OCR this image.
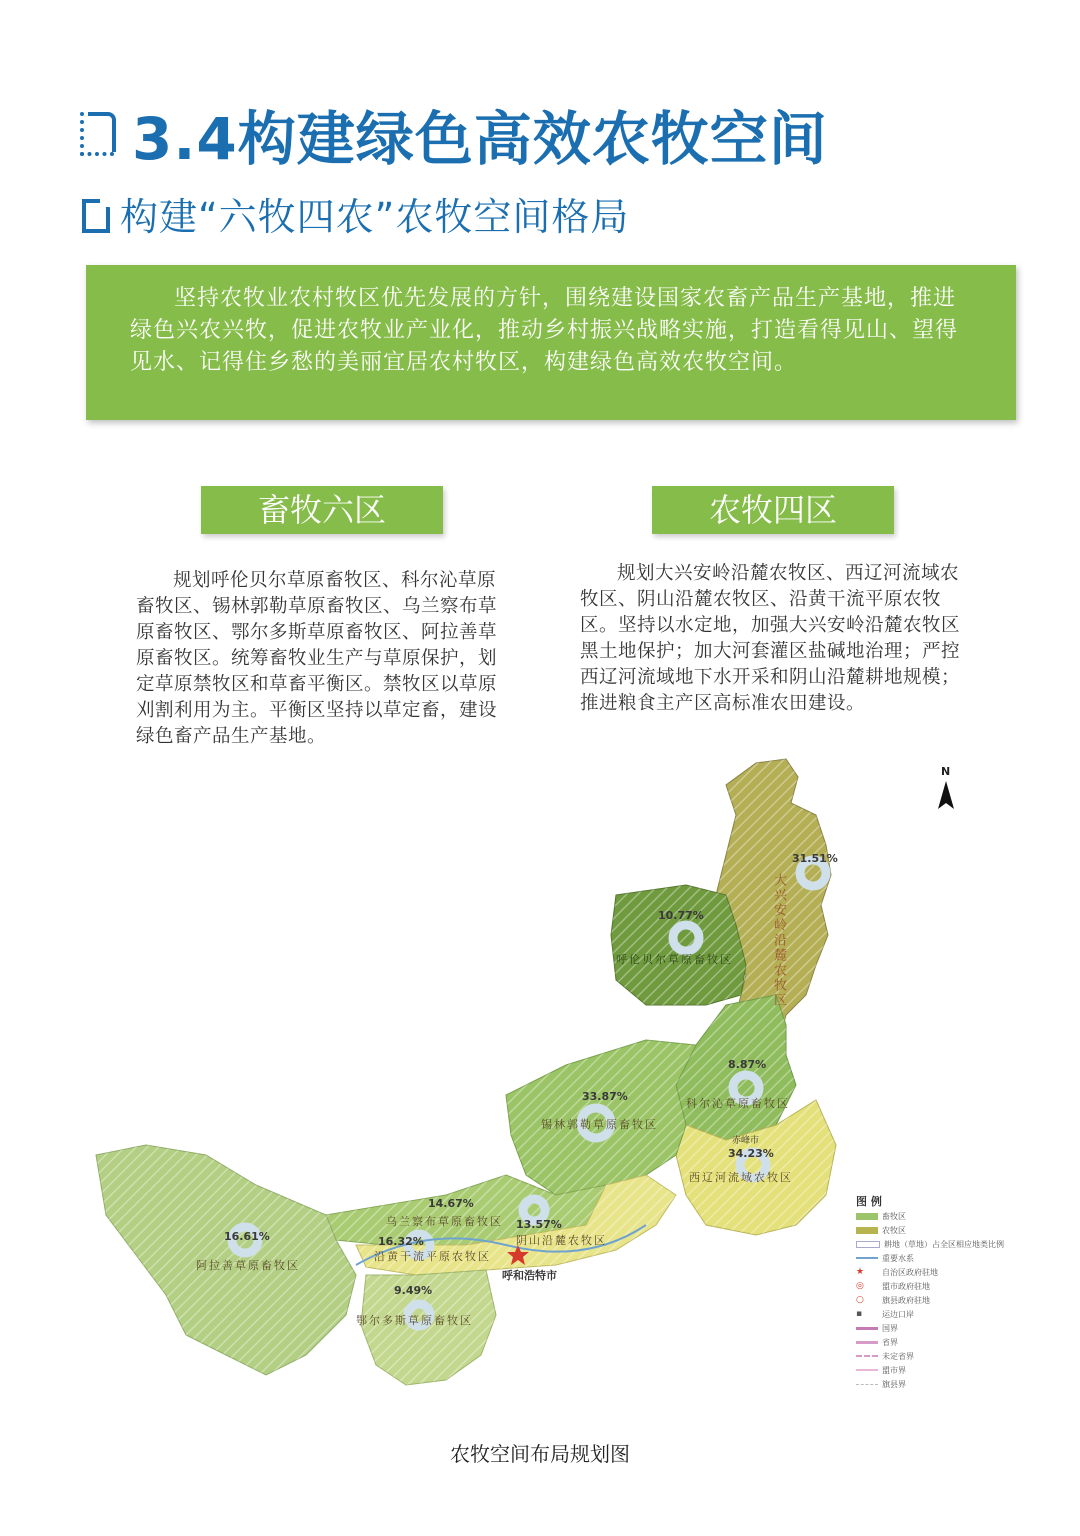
3.4构建绿色高效农牧空间
构建“六牧四农”农牧空间格局
坚持农牧业农村牧区优先发展的方针，围绕建设国家农畜产品生产基地，推进绿色兴农兴牧，促进农牧业产业化，推动乡村振兴战略实施，打造看得见山、望得见水、记得住乡愁的美丽宜居农村牧区，构建绿色高效农牧空间。
畜牧六区	农牧四区
规划呼伦贝尔草原畜牧区、科尔沁草原畜牧区、锡林郭勒草原畜牧区、乌兰察布草原畜牧区、鄂尔多斯草原畜牧区、阿拉善草原畜牧区。统筹畜牧业生产与草原保护，划定草原禁牧区和草畜平衡区。禁牧区以草原刈割利用为主。平衡区坚持以草定畜，建设绿色畜产品生产基地。
规划大兴安岭沿麓农牧区、西辽河流域农牧区、阴山沿麓农牧区、沿黄干流平原农牧区。坚持以水定地，加强大兴安岭沿麓农牧区黑土地保护；加大河套灌区盐碱地治理；严控西辽河流域地下水开采和阴山沿麓耕地规模；推进粮食主产区高标准农田建设。
N
大兴安岭沿麓农牧区
呼伦贝尔草原畜牧区
科尔沁草原畜牧区
锡林郭勒草原畜牧区
西辽河流域农牧区
乌兰察布草原畜牧区
阴山沿麓农牧区
沿黄干流平原农牧区
阿拉善草原畜牧区
鄂尔多斯草原畜牧区
31.51%
10.77%
8.87%
33.87%
34.23%
14.67%
13.57%
16.32%
16.61%
9.49%
呼和浩特市
赤峰市
图 例
畜牧区
农牧区
耕地（草地）占全区相应地类比例
重要水系
★	自治区政府驻地
◎	盟市政府驻地
○	旗县政府驻地
▪	运边口岸
国界
省界
未定省界
盟市界
旗县界
农牧空间布局规划图
